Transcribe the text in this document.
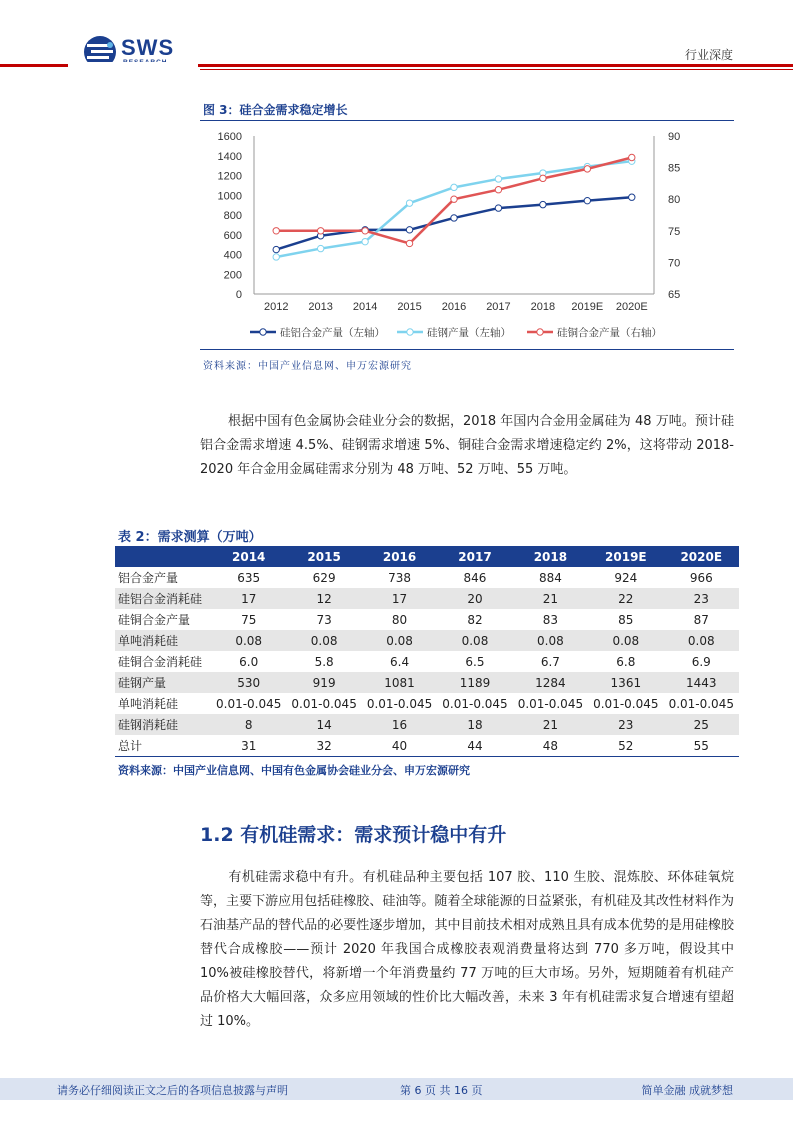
SWS	行业深度
图 3：硅合金需求稳定增长
0
200
400
600
800
1000
1200
1400
1600
65
70
75
80
85
90
2012 2013 2014 2015 2016 2017 2018 2019E 2020E
硅铝合金产量（左轴）	硅钢产量（左轴）	硅铜合金产量（右轴）
资料来源：中国产业信息网、申万宏源研究

根据中国有色金属协会硅业分会的数据，2018 年国内合金用金属硅为 48 万吨。预计硅铝合金需求增速 4.5%、硅钢需求增速 5%、铜硅合金需求增速稳定约 2%，这将带动 2018-2020 年合金用金属硅需求分别为 48 万吨、52 万吨、55 万吨。

表 2：需求测算（万吨）
	2014	2015	2016	2017	2018	2019E	2020E
铝合金产量	635	629	738	846	884	924	966
硅铝合金消耗硅	17	12	17	20	21	22	23
硅铜合金产量	75	73	80	82	83	85	87
单吨消耗硅	0.08	0.08	0.08	0.08	0.08	0.08	0.08
硅铜合金消耗硅	6.0	5.8	6.4	6.5	6.7	6.8	6.9
硅钢产量	530	919	1081	1189	1284	1361	1443
单吨消耗硅	0.01-0.045	0.01-0.045	0.01-0.045	0.01-0.045	0.01-0.045	0.01-0.045	0.01-0.045
硅钢消耗硅	8	14	16	18	21	23	25
总计	31	32	40	44	48	52	55
资料来源：中国产业信息网、中国有色金属协会硅业分会、申万宏源研究
1.2 有机硅需求：需求预计稳中有升

有机硅需求稳中有升。有机硅品种主要包括 107 胶、110 生胶、混炼胶、环体硅氧烷等，主要下游应用包括硅橡胶、硅油等。随着全球能源的日益紧张，有机硅及其改性材料作为石油基产品的替代品的必要性逐步增加，其中目前技术相对成熟且具有成本优势的是用硅橡胶替代合成橡胶——预计 2020 年我国合成橡胶表观消费量将达到 770 多万吨，假设其中 10%被硅橡胶替代，将新增一个年消费量约 77 万吨的巨大市场。另外，短期随着有机硅产品价格大大幅回落，众多应用领域的性价比大幅改善，未来 3 年有机硅需求复合增速有望超过 10%。

请务必仔细阅读正文之后的各项信息披露与声明	第 6 页 共 16 页	简单金融 成就梦想
